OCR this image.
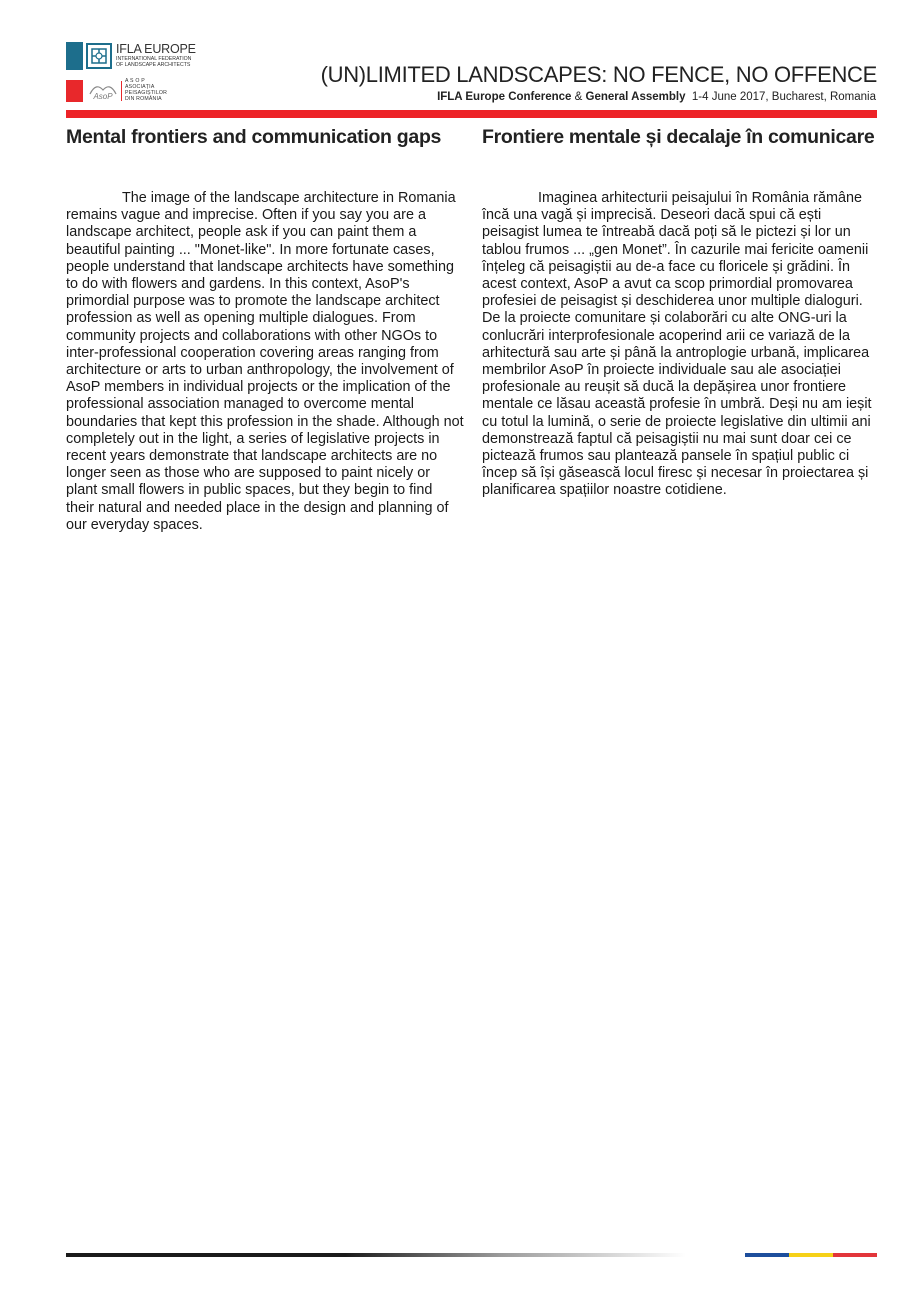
IFLA EUROPE
INTERNATIONAL FEDERATION
OF LANDSCAPE ARCHITECTS
AsoP
A S O P
ASOCIAȚIA
PEISAGIȘTILOR
DIN ROMÂNIA
(UN)LIMITED LANDSCAPES: NO FENCE, NO OFFENCE
IFLA Europe Conference & General Assembly 1-4 June 2017, Bucharest, Romania
Mental frontiers and communication gaps

The image of the landscape architecture in Romania remains vague and imprecise. Often if you say you are a landscape architect, people ask if you can paint them a beautiful painting ... "Monet-like". In more fortunate cases, people understand that landscape architects have something to do with flowers and gardens. In this context, AsoP's primordial purpose was to promote the landscape architect profession as well as opening multiple dialogues. From community projects and collaborations with other NGOs to inter-professional cooperation covering areas ranging from architecture or arts to urban anthropology, the involvement of AsoP members in individual projects or the implication of the professional association managed to overcome mental boundaries that kept this profession in the shade. Although not completely out in the light, a series of legislative projects in recent years demonstrate that landscape architects are no longer seen as those who are supposed to paint nicely or plant small flowers in public spaces, but they begin to find their natural and needed place in the design and planning of our everyday spaces.

Frontiere mentale și decalaje în comunicare

Imaginea arhitecturii peisajului în România rămâne încă una vagă și imprecisă. Deseori dacă spui că ești peisagist lumea te întreabă dacă poți să le pictezi și lor un tablou frumos ... „gen Monet”. În cazurile mai fericite oamenii înțeleg că peisagiștii au de-a face cu floricele și grădini. În acest context, AsoP a avut ca scop primordial promovarea profesiei de peisagist și deschiderea unor multiple dialoguri. De la proiecte comunitare și colaborări cu alte ONG-uri la conlucrări interprofesionale acoperind arii ce variază de la arhitectură sau arte și până la antroplogie urbană, implicarea membrilor AsoP în proiecte individuale sau ale asociației profesionale au reușit să ducă la depășirea unor frontiere mentale ce lăsau această profesie în umbră. Deși nu am ieșit cu totul la lumină, o serie de proiecte legislative din ultimii ani demonstrează faptul că peisagiștii nu mai sunt doar cei ce pictează frumos sau plantează pansele în spațiul public ci încep să își găsească locul firesc și necesar în proiectarea și planificarea spațiilor noastre cotidiene.
